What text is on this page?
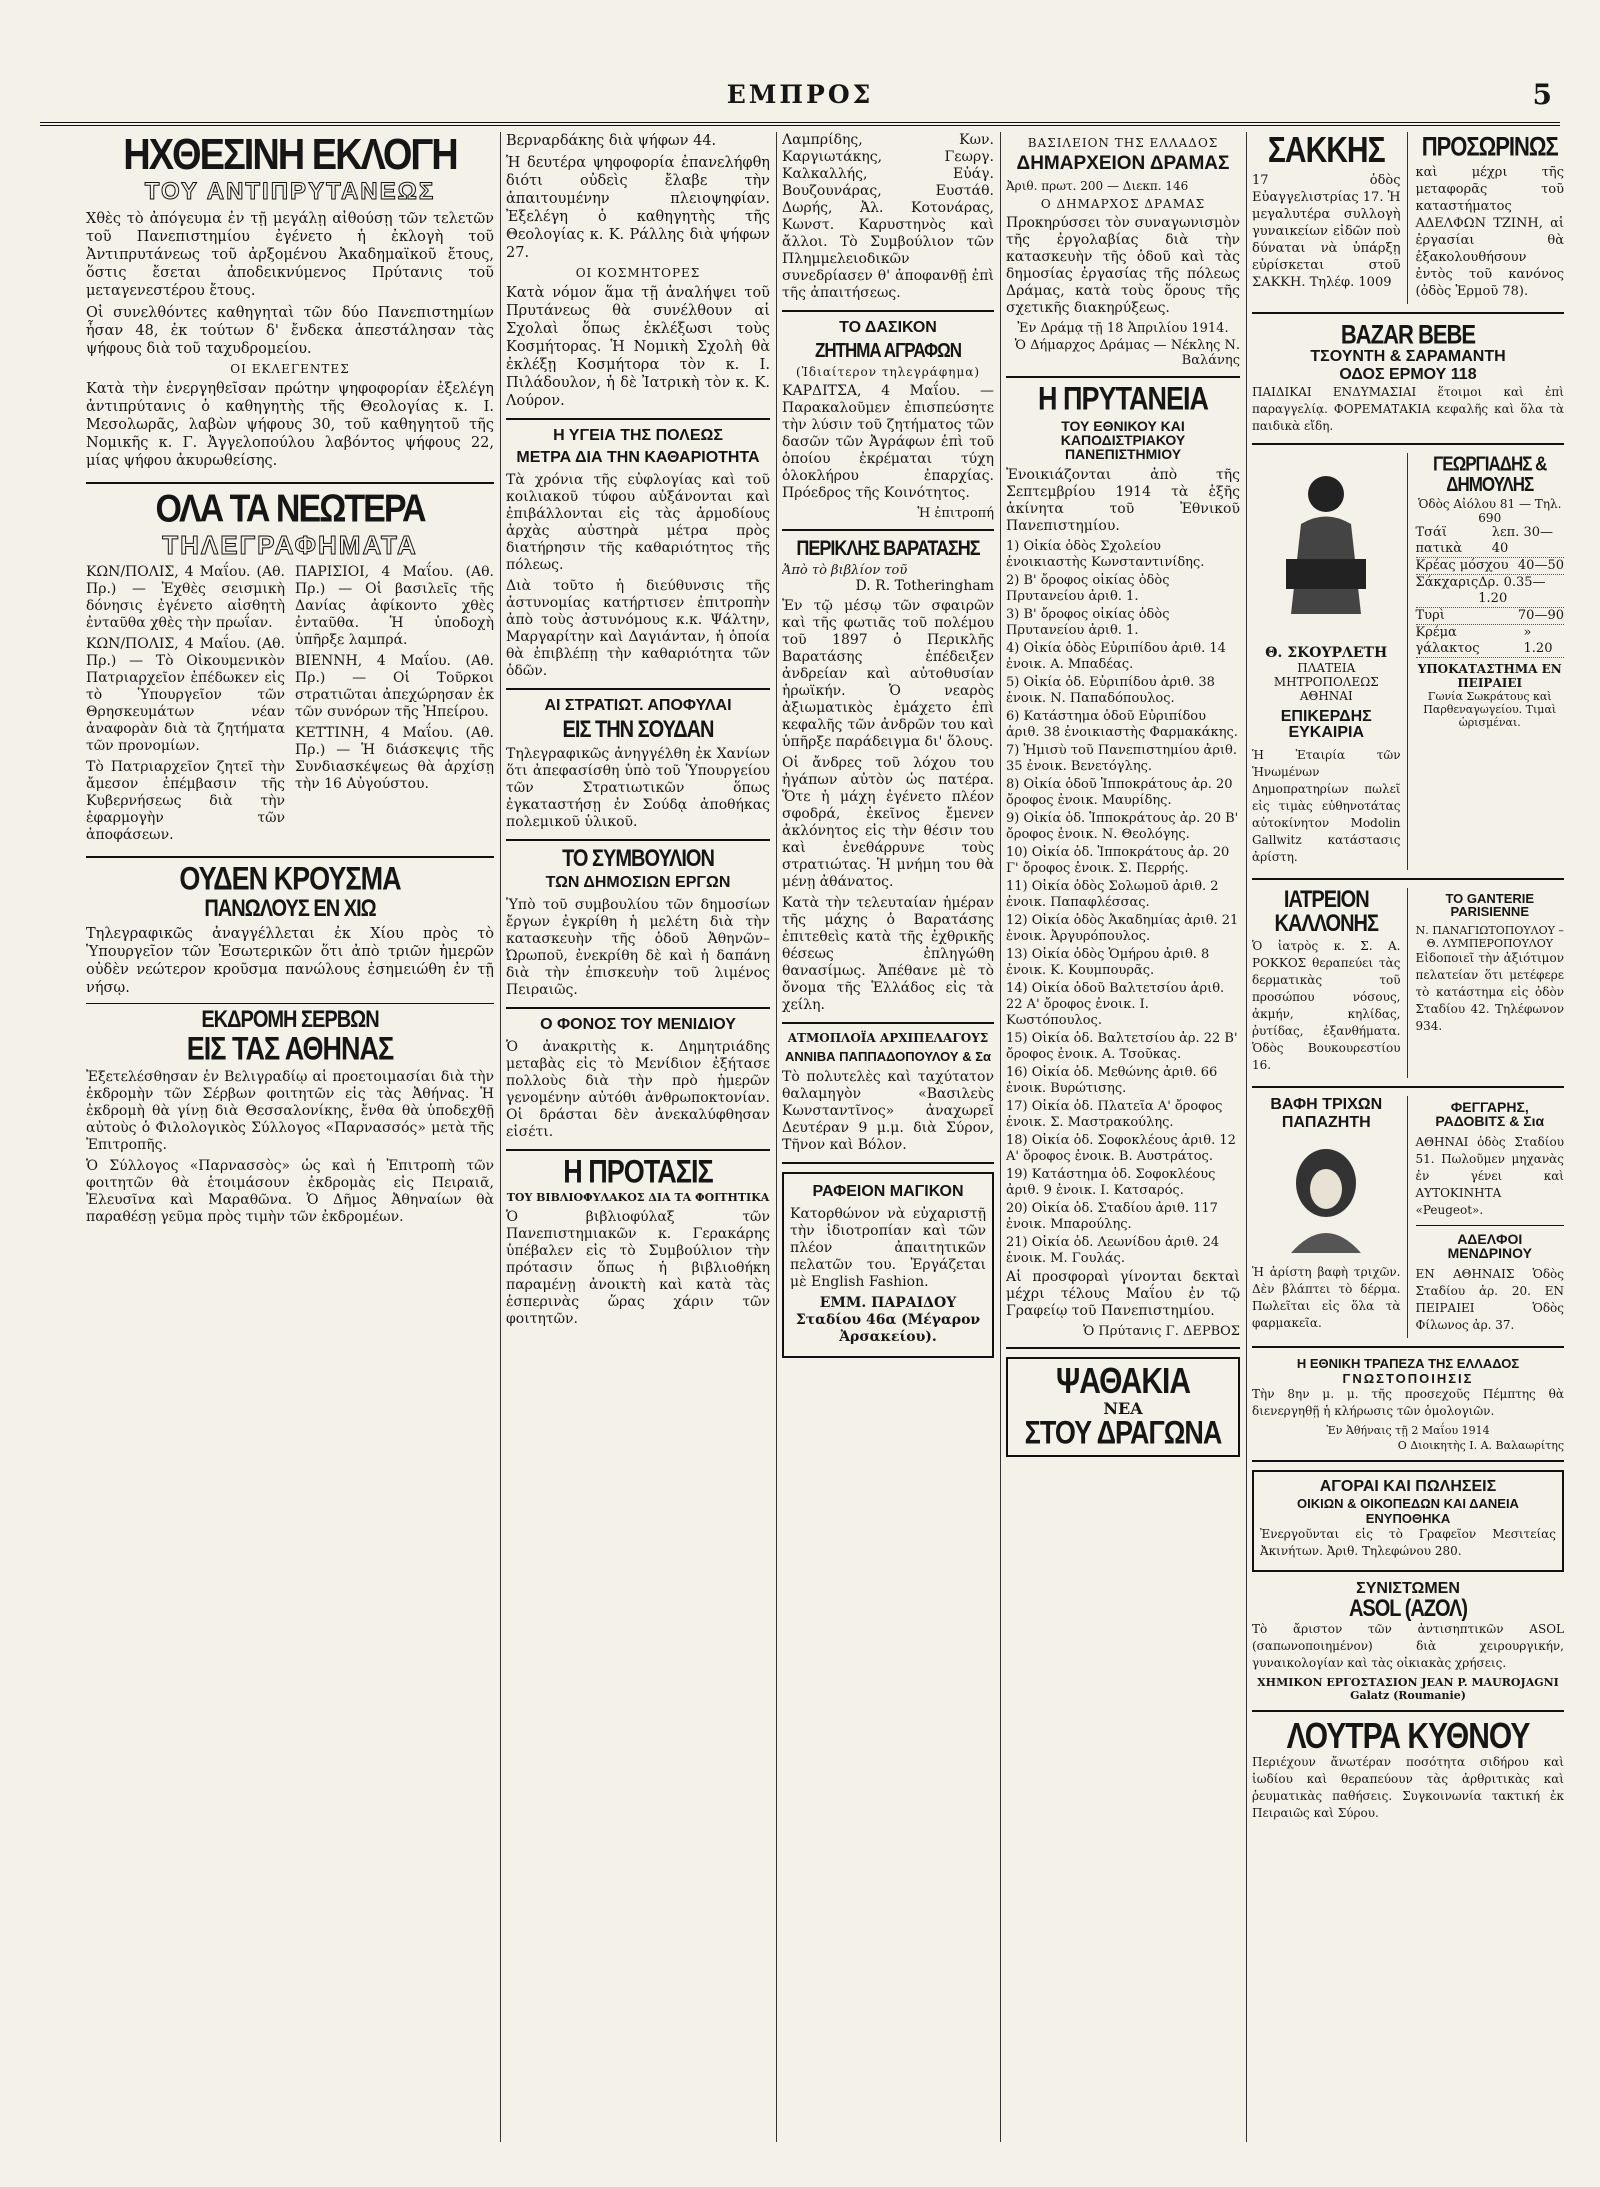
ΕΜΠΡΟΣ	5
ΗΧΘΕΣΙΝΗ ΕΚΛΟΓΗ
ΤΟΥ ΑΝΤΙΠΡΥΤΑΝΕΩΣ

Χθὲς τὸ ἀπόγευμα ἐν τῇ μεγάλῃ αἰθούσῃ τῶν τελετῶν τοῦ Πανεπιστημίου ἐγένετο ἡ ἐκλογὴ τοῦ Ἀντιπρυτάνεως τοῦ ἀρξομένου Ἀκαδημαϊκοῦ ἔτους, ὅστις ἔσεται ἀποδεικνύμενος Πρύτανις τοῦ μεταγενεστέρου ἔτους.

Οἱ συνελθόντες καθηγηταὶ τῶν δύο Πανεπιστημίων ἦσαν 48, ἐκ τούτων δ' ἔνδεκα ἀπεστάλησαν τὰς ψήφους διὰ τοῦ ταχυδρομείου.

ΟΙ ΕΚΛΕΓΕΝΤΕΣ

Κατὰ τὴν ἐνεργηθεῖσαν πρώτην ψηφοφορίαν ἐξελέγη ἀντιπρύτανις ὁ καθηγητὴς τῆς Θεολογίας κ. Ι. Μεσολωρᾶς, λαβὼν ψήφους 30, τοῦ καθηγητοῦ τῆς Νομικῆς κ. Γ. Ἀγγελοπούλου λαβόντος ψήφους 22, μίας ψήφου ἀκυρωθείσης.

ΟΛΑ ΤΑ ΝΕΩΤΕΡΑ
ΤΗΛΕΓΡΑΦΗΜΑΤΑ

ΚΩΝ/ΠΟΛΙΣ, 4 Μαΐου. (Αθ. Πρ.) — Ἐχθὲς σεισμικὴ δόνησις ἐγένετο αἰσθητὴ ἐνταῦθα χθὲς τὴν πρωΐαν.

ΚΩΝ/ΠΟΛΙΣ, 4 Μαΐου. (Αθ. Πρ.) — Τὸ Οἰκουμενικὸν Πατριαρχεῖον ἐπέδωκεν εἰς τὸ Ὑπουργεῖον τῶν Θρησκευμάτων νέαν ἀναφορὰν διὰ τὰ ζητήματα τῶν προνομίων.

Τὸ Πατριαρχεῖον ζητεῖ τὴν ἄμεσον ἐπέμβασιν τῆς Κυβερνήσεως διὰ τὴν ἐφαρμογὴν τῶν ἀποφάσεων.

ΠΑΡΙΣΙΟΙ, 4 Μαΐου. (Αθ. Πρ.) — Οἱ βασιλεῖς τῆς Δανίας ἀφίκοντο χθὲς ἐνταῦθα. Ἡ ὑποδοχὴ ὑπῆρξε λαμπρά.

ΒΙΕΝΝΗ, 4 Μαΐου. (Αθ. Πρ.) — Οἱ Τοῦρκοι στρατιῶται ἀπεχώρησαν ἐκ τῶν συνόρων τῆς Ἠπείρου.

ΚΕΤΤΙΝΗ, 4 Μαΐου. (Αθ. Πρ.) — Ἡ διάσκεψις τῆς Συνδιασκέψεως θὰ ἀρχίσῃ τὴν 16 Αὐγούστου.

ΟΥΔΕΝ ΚΡΟΥΣΜΑ
ΠΑΝΩΛΟΥΣ ΕΝ ΧΙΩ

Τηλεγραφικῶς ἀναγγέλλεται ἐκ Χίου πρὸς τὸ Ὑπουργεῖον τῶν Ἐσωτερικῶν ὅτι ἀπὸ τριῶν ἡμερῶν οὐδὲν νεώτερον κροῦσμα πανώλους ἐσημειώθη ἐν τῇ νήσῳ.

ΕΚΔΡΟΜΗ ΣΕΡΒΩΝ
ΕΙΣ ΤΑΣ ΑΘΗΝΑΣ

Ἐξετελέσθησαν ἐν Βελιγραδίῳ αἱ προετοιμασίαι διὰ τὴν ἐκδρομὴν τῶν Σέρβων φοιτητῶν εἰς τὰς Ἀθήνας. Ἡ ἐκδρομὴ θὰ γίνῃ διὰ Θεσσαλονίκης, ἔνθα θὰ ὑποδεχθῇ αὐτοὺς ὁ Φιλολογικὸς Σύλλογος «Παρνασσός» μετὰ τῆς Ἐπιτροπῆς.

Ὁ Σύλλογος «Παρνασσὸς» ὡς καὶ ἡ Ἐπιτροπὴ τῶν φοιτητῶν θὰ ἑτοιμάσουν ἐκδρομὰς εἰς Πειραιᾶ, Ἐλευσῖνα καὶ Μαραθῶνα. Ὁ Δῆμος Ἀθηναίων θὰ παραθέσῃ γεῦμα πρὸς τιμὴν τῶν ἐκδρομέων.

Βερναρδάκης διὰ ψήφων 44.

Ἡ δευτέρα ψηφοφορία ἐπανελήφθη διότι οὐδεὶς ἔλαβε τὴν ἀπαιτουμένην πλειοψηφίαν. Ἐξελέγη ὁ καθηγητὴς τῆς Θεολογίας κ. Κ. Ράλλης διὰ ψήφων 27.

ΟΙ ΚΟΣΜΗΤΟΡΕΣ

Κατὰ νόμον ἅμα τῇ ἀναλήψει τοῦ Πρυτάνεως θὰ συνέλθουν αἱ Σχολαὶ ὅπως ἐκλέξωσι τοὺς Κοσμήτορας. Ἡ Νομικὴ Σχολὴ θὰ ἐκλέξῃ Κοσμήτορα τὸν κ. Ι. Πιλάδουλον, ἡ δὲ Ἰατρικὴ τὸν κ. Κ. Λούρον.

Η ΥΓΕΙΑ ΤΗΣ ΠΟΛΕΩΣ
ΜΕΤΡΑ ΔΙΑ ΤΗΝ ΚΑΘΑΡΙΟΤΗΤΑ

Τὰ χρόνια τῆς εὐφλογίας καὶ τοῦ κοιλιακοῦ τύφου αὐξάνονται καὶ ἐπιβάλλονται εἰς τὰς ἀρμοδίους ἀρχὰς αὐστηρὰ μέτρα πρὸς διατήρησιν τῆς καθαριότητος τῆς πόλεως.

Διὰ τοῦτο ἡ διεύθυνσις τῆς ἀστυνομίας κατήρτισεν ἐπιτροπὴν ἀπὸ τοὺς ἀστυνόμους κ.κ. Ψάλτην, Μαργαρίτην καὶ Δαγιάνταν, ἡ ὁποία θὰ ἐπιβλέπῃ τὴν καθαριότητα τῶν ὁδῶν.

ΑΙ ΣΤΡΑΤΙΩΤ. ΑΠΟΦΥΛΑΙ
ΕΙΣ ΤΗΝ ΣΟΥΔΑΝ

Τηλεγραφικῶς ἀνηγγέλθη ἐκ Χανίων ὅτι ἀπεφασίσθη ὑπὸ τοῦ Ὑπουργείου τῶν Στρατιωτικῶν ὅπως ἐγκαταστήσῃ ἐν Σούδᾳ ἀποθήκας πολεμικοῦ ὑλικοῦ.

ΤΟ ΣΥΜΒΟΥΛΙΟΝ
ΤΩΝ ΔΗΜΟΣΙΩΝ ΕΡΓΩΝ

Ὑπὸ τοῦ συμβουλίου τῶν δημοσίων ἔργων ἐγκρίθη ἡ μελέτη διὰ τὴν κατασκευὴν τῆς ὁδοῦ Ἀθηνῶν–Ὠρωποῦ, ἐνεκρίθη δὲ καὶ ἡ δαπάνη διὰ τὴν ἐπισκευὴν τοῦ λιμένος Πειραιῶς.

Ο ΦΟΝΟΣ ΤΟΥ ΜΕΝΙΔΙΟΥ

Ὁ ἀνακριτὴς κ. Δημητριάδης μεταβὰς εἰς τὸ Μενίδιον ἐξήτασε πολλοὺς διὰ τὴν πρὸ ἡμερῶν γενομένην αὐτόθι ἀνθρωποκτονίαν. Οἱ δράσται δὲν ἀνεκαλύφθησαν εἰσέτι.

Η ΠΡΟΤΑΣΙΣ
ΤΟΥ ΒΙΒΛΙΟΦΥΛΑΚΟΣ ΔΙΑ ΤΑ ΦΟΙΤΗΤΙΚΑ

Ὁ βιβλιοφύλαξ τῶν Πανεπιστημιακῶν κ. Γερακάρης ὑπέβαλεν εἰς τὸ Συμβούλιον τὴν πρότασιν ὅπως ἡ βιβλιοθήκη παραμένῃ ἀνοικτὴ καὶ κατὰ τὰς ἑσπερινὰς ὥρας χάριν τῶν φοιτητῶν.

Λαμπρίδης, Κων. Καργιωτάκης, Γεωργ. Καλκαλλής, Εὐάγ. Βουζουνάρας, Ευστάθ. Δωρής, Ἀλ. Κοτονάρας, Κωνστ. Καρυστηνὸς καὶ ἄλλοι. Τὸ Συμβούλιον τῶν Πλημμελειοδικῶν συνεδρίασεν θ' ἀποφανθῇ ἐπὶ τῆς ἀπαιτήσεως.

ΤΟ ΔΑΣΙΚΟΝ
ΖΗΤΗΜΑ ΑΓΡΑΦΩΝ
(Ἰδιαίτερον τηλεγράφημα)

ΚΑΡΔΙΤΣΑ, 4 Μαΐου. — Παρακαλοῦμεν ἐπισπεύσητε τὴν λύσιν τοῦ ζητήματος τῶν δασῶν τῶν Ἀγράφων ἐπὶ τοῦ ὁποίου ἐκρέμαται τύχη ὁλοκλήρου ἐπαρχίας. Πρόεδρος τῆς Κοινότητος.

Ἡ ἐπιτροπή
ΠΕΡΙΚΛΗΣ ΒΑΡΑΤΑΣΗΣ
Ἀπὸ τὸ βιβλίον τοῦ
D. R. Totheringham

Ἐν τῷ μέσῳ τῶν σφαιρῶν καὶ τῆς φωτιᾶς τοῦ πολέμου τοῦ 1897 ὁ Περικλῆς Βαρατάσης ἐπέδειξεν ἀνδρείαν καὶ αὐτοθυσίαν ἡρωϊκήν. Ὁ νεαρὸς ἀξιωματικὸς ἐμάχετο ἐπὶ κεφαλῆς τῶν ἀνδρῶν του καὶ ὑπῆρξε παράδειγμα δι' ὅλους.

Οἱ ἄνδρες τοῦ λόχου του ἠγάπων αὐτὸν ὡς πατέρα. Ὅτε ἡ μάχη ἐγένετο πλέον σφοδρά, ἐκεῖνος ἔμενεν ἀκλόνητος εἰς τὴν θέσιν του καὶ ἐνεθάρρυνε τοὺς στρατιώτας. Ἡ μνήμη του θὰ μένῃ ἀθάνατος.

Κατὰ τὴν τελευταίαν ἡμέραν τῆς μάχης ὁ Βαρατάσης ἐπιτεθεὶς κατὰ τῆς ἐχθρικῆς θέσεως ἐπληγώθη θανασίμως. Ἀπέθανε μὲ τὸ ὄνομα τῆς Ἑλλάδος εἰς τὰ χείλη.

ΑΤΜΟΠΛΟΪΑ ΑΡΧΙΠΕΛΑΓΟΥΣ
ΑΝΝΙΒΑ ΠΑΠΠΑΔΟΠΟΥΛΟΥ & Σα

Τὸ πολυτελὲς καὶ ταχύτατον θαλαμηγὸν «Βασιλεὺς Κωνσταντῖνος» ἀναχωρεῖ Δευτέραν 9 μ.μ. διὰ Σύρον, Τῆνον καὶ Βόλον.

ΡΑΦΕΙΟΝ ΜΑΓΙΚΟΝ

Κατορθώνον νὰ εὐχαριστῇ τὴν ἰδιοτροπίαν καὶ τῶν πλέον ἀπαιτητικῶν πελατῶν του. Ἐργάζεται μὲ English Fashion.

ΕΜΜ. ΠΑΡΑΙΔΟΥ Σταδίου 46α (Μέγαρον Ἀρσακείου).

ΒΑΣΙΛΕΙΟΝ ΤΗΣ ΕΛΛΑΔΟΣ
ΔΗΜΑΡΧΕΙΟΝ ΔΡΑΜΑΣ
Ἀριθ. πρωτ. 200 — Διεκπ. 146
Ο ΔΗΜΑΡΧΟΣ ΔΡΑΜΑΣ

Προκηρύσσει τὸν συναγωνισμὸν τῆς ἐργολαβίας διὰ τὴν κατασκευὴν τῆς ὁδοῦ καὶ τὰς δημοσίας ἐργασίας τῆς πόλεως Δράμας, κατὰ τοὺς ὅρους τῆς σχετικῆς διακηρύξεως.

Ἐν Δράμᾳ τῇ 18 Ἀπριλίου 1914.
Ὁ Δήμαρχος Δράμας — Νέκλης Ν. Βαλάνης
Η ΠΡΥΤΑΝΕΙΑ
ΤΟΥ ΕΘΝΙΚΟΥ ΚΑΙ ΚΑΠΟΔΙΣΤΡΙΑΚΟΥ ΠΑΝΕΠΙΣΤΗΜΙΟΥ

Ἐνοικιάζονται ἀπὸ τῆς Σεπτεμβρίου 1914 τὰ ἑξῆς ἀκίνητα τοῦ Ἐθνικοῦ Πανεπιστημίου.

1) Οἰκία ὁδὸς Σχολείου ἐνοικιαστὴς Κωνσταντινίδης.

2) Β' ὄροφος οἰκίας ὁδὸς Πρυτανείου ἀριθ. 1.

3) Β' ὄροφος οἰκίας ὁδὸς Πρυτανείου ἀριθ. 1.

4) Οἰκία ὁδὸς Εὐριπίδου ἀριθ. 14 ἐνοικ. Α. Μπαδέας.

5) Οἰκία ὁδ. Εὐριπίδου ἀριθ. 38 ἐνοικ. Ν. Παπαδόπουλος.

6) Κατάστημα ὁδοῦ Εὐριπίδου ἀριθ. 38 ἐνοικιαστὴς Φαρμακάκης.

7) Ἡμισὺ τοῦ Πανεπιστημίου ἀριθ. 35 ἐνοικ. Βενετόγλης.

8) Οἰκία ὁδοῦ Ἱπποκράτους ἀρ. 20 ὄροφος ἐνοικ. Μαυρίδης.

9) Οἰκία ὁδ. Ἱπποκράτους ἀρ. 20 Β' ὄροφος ἐνοικ. Ν. Θεολόγης.

10) Οἰκία ὁδ. Ἱπποκράτους ἀρ. 20 Γ' ὄροφος ἐνοικ. Σ. Περρής.

11) Οἰκία ὁδὸς Σολωμοῦ ἀριθ. 2 ἐνοικ. Παπαφλέσσας.

12) Οἰκία ὁδὸς Ἀκαδημίας ἀριθ. 21 ἐνοικ. Ἀργυρόπουλος.

13) Οἰκία ὁδὸς Ὁμήρου ἀριθ. 8 ἐνοικ. Κ. Κουμπουρᾶς.

14) Οἰκία ὁδοῦ Βαλτετσίου ἀριθ. 22 Α' ὄροφος ἐνοικ. Ι. Κωστόπουλος.

15) Οἰκία ὁδ. Βαλτετσίου ἀρ. 22 Β' ὄροφος ἐνοικ. Α. Τσοῦκας.

16) Οἰκία ὁδ. Μεθώνης ἀριθ. 66 ἐνοικ. Βυρώτισης.

17) Οἰκία ὁδ. Πλατεῖα Α' ὄροφος ἐνοικ. Σ. Μαστρακούλης.

18) Οἰκία ὁδ. Σοφοκλέους ἀριθ. 12 Α' ὄροφος ἐνοικ. Β. Αυστράτος.

19) Κατάστημα ὁδ. Σοφοκλέους ἀριθ. 9 ἐνοικ. Ι. Κατσαρός.

20) Οἰκία ὁδ. Σταδίου ἀριθ. 117 ἐνοικ. Μπαρούλης.

21) Οἰκία ὁδ. Λεωνίδου ἀριθ. 24 ἐνοικ. Μ. Γουλάς.

Αἱ προσφοραὶ γίνονται δεκταὶ μέχρι τέλους Μαΐου ἐν τῷ Γραφείῳ τοῦ Πανεπιστημίου.

Ὁ Πρύτανις Γ. ΔΕΡΒΟΣ
ΨΑΘΑΚΙΑ
ΝΕΑ
ΣΤΟΥ ΔΡΑΓΩΝΑ
ΣΑΚΚΗΣ

17 ὁδὸς Εὐαγγελιστρίας 17. Ἡ μεγαλυτέρα συλλογὴ γυναικείων εἰδῶν ποὺ δύναται νὰ ὑπάρξῃ εὑρίσκεται στοῦ ΣΑΚΚΗ. Τηλέφ. 1009

ΠΡΟΣΩΡΙΝΩΣ

καὶ μέχρι τῆς μεταφορᾶς τοῦ καταστήματος ΑΔΕΛΦΩΝ ΤΖΙΝΗ, αἱ ἐργασίαι θὰ ἐξακολουθήσουν ἐντὸς τοῦ κανόνος (ὁδὸς Ἑρμοῦ 78).

BAZAR BEBE
ΤΣΟΥΝΤΗ & ΣΑΡΑΜΑΝΤΗ
ΟΔΟΣ ΕΡΜΟΥ 118

ΠΑΙΔΙΚΑΙ ΕΝΔΥΜΑΣΙΑΙ ἕτοιμοι καὶ ἐπὶ παραγγελίᾳ. ΦΟΡΕΜΑΤΑΚΙΑ κεφαλῆς καὶ ὅλα τὰ παιδικὰ εἴδη.

Θ. ΣΚΟΥΡΛΕΤΗ
ΠΛΑΤΕΙΑ ΜΗΤΡΟΠΟΛΕΩΣ ΑΘΗΝΑΙ
ΕΠΙΚΕΡΔΗΣ ΕΥΚΑΙΡΙΑ

Ἡ Ἑταιρία τῶν Ἡνωμένων Δημοπρατηρίων πωλεῖ εἰς τιμὰς εὐθηνοτάτας αὐτοκίνητον Modolin Gallwitz κατάστασις ἀρίστη.

ΓΕΩΡΓΙΑΔΗΣ & ΔΗΜΟΥΛΗΣ
Ὁδὸς Αἰόλου 81 — Τηλ. 690
Τσάϊ πατικὰ
λεπ. 30—40
Κρέας μόσχου 40—50
Σάκχαρις Δρ. 0.35—1.20
Τυρὶ	70—90
Κρέμα γάλακτος
» 1.20
ΥΠΟΚΑΤΑΣΤΗΜΑ ΕΝ ΠΕΙΡΑΙΕΙ
Γωνία Σωκράτους καὶ Παρθεναγωγείου. Τιμαὶ ὡρισμέναι.
ΙΑΤΡΕΙΟΝ ΚΑΛΛΟΝΗΣ

Ὁ ἰατρὸς κ. Σ. Α. ΡΟΚΚΟΣ θεραπεύει τὰς δερματικὰς τοῦ προσώπου νόσους, ἀκμήν, κηλίδας, ῥυτίδας, ἐξανθήματα. Ὁδὸς Βουκουρεστίου 16.

ΤΟ GANTERIE PARISIENNE
Ν. ΠΑΝΑΓΙΩΤΟΠΟΥΛΟΥ – Θ. ΛΥΜΠΕΡΟΠΟΥΛΟΥ

Εἰδοποιεῖ τὴν ἀξιότιμον πελατείαν ὅτι μετέφερε τὸ κατάστημα εἰς ὁδὸν Σταδίου 42. Τηλέφωνον 934.

ΒΑΦΗ ΤΡΙΧΩΝ ΠΑΠΑΖΗΤΗ

Ἡ ἀρίστη βαφὴ τριχῶν. Δὲν βλάπτει τὸ δέρμα. Πωλεῖται εἰς ὅλα τὰ φαρμακεῖα.

ΦΕΓΓΑΡΗΣ, ΡΑΔΟΒΙΤΣ & Σια

ΑΘΗΝΑΙ ὁδὸς Σταδίου 51. Πωλοῦμεν μηχανὰς ἐν γένει καὶ ΑΥΤΟΚΙΝΗΤΑ «Peugeot».

ΑΔΕΛΦΟΙ ΜΕΝΔΡΙΝΟΥ

ΕΝ ΑΘΗΝΑΙΣ Ὁδὸς Σταδίου ἀρ. 20. ΕΝ ΠΕΙΡΑΙΕΙ Ὁδὸς Φίλωνος ἀρ. 37.

Η ΕΘΝΙΚΗ ΤΡΑΠΕΖΑ ΤΗΣ ΕΛΛΑΔΟΣ
ΓΝΩΣΤΟΠΟΙΗΣΙΣ

Τὴν 8ην μ. μ. τῆς προσεχοῦς Πέμπτης θὰ διενεργηθῇ ἡ κλήρωσις τῶν ὁμολογιῶν.

Ἐν Ἀθήναις τῇ 2 Μαΐου 1914
Ο Διοικητὴς Ι. Α. Βαλαωρίτης
ΑΓΟΡΑΙ ΚΑΙ ΠΩΛΗΣΕΙΣ
ΟΙΚΙΩΝ & ΟΙΚΟΠΕΔΩΝ ΚΑΙ ΔΑΝΕΙΑ ΕΝΥΠΟΘΗΚΑ

Ἐνεργοῦνται εἰς τὸ Γραφεῖον Μεσιτείας Ἀκινήτων. Ἀριθ. Τηλεφώνου 280.

ΣΥΝΙΣΤΩΜΕΝ
ASOL (ΑΖΟΛ)

Τὸ ἄριστον τῶν ἀντισηπτικῶν ASOL (σαπωνοποιημένον) διὰ χειρουργικήν, γυναικολογίαν καὶ τὰς οἰκιακὰς χρήσεις.

ΧΗΜΙΚΟΝ ΕΡΓΟΣΤΑΣΙΟΝ JEAN P. MAUROJAGNI Galatz (Roumanie)
ΛΟΥΤΡΑ ΚΥΘΝΟΥ

Περιέχουν ἄνωτέραν ποσότητα σιδήρου καὶ ἰωδίου καὶ θεραπεύουν τὰς ἀρθριτικὰς καὶ ῥευματικὰς παθήσεις. Συγκοινωνία τακτική ἐκ Πειραιῶς καὶ Σύρου.
